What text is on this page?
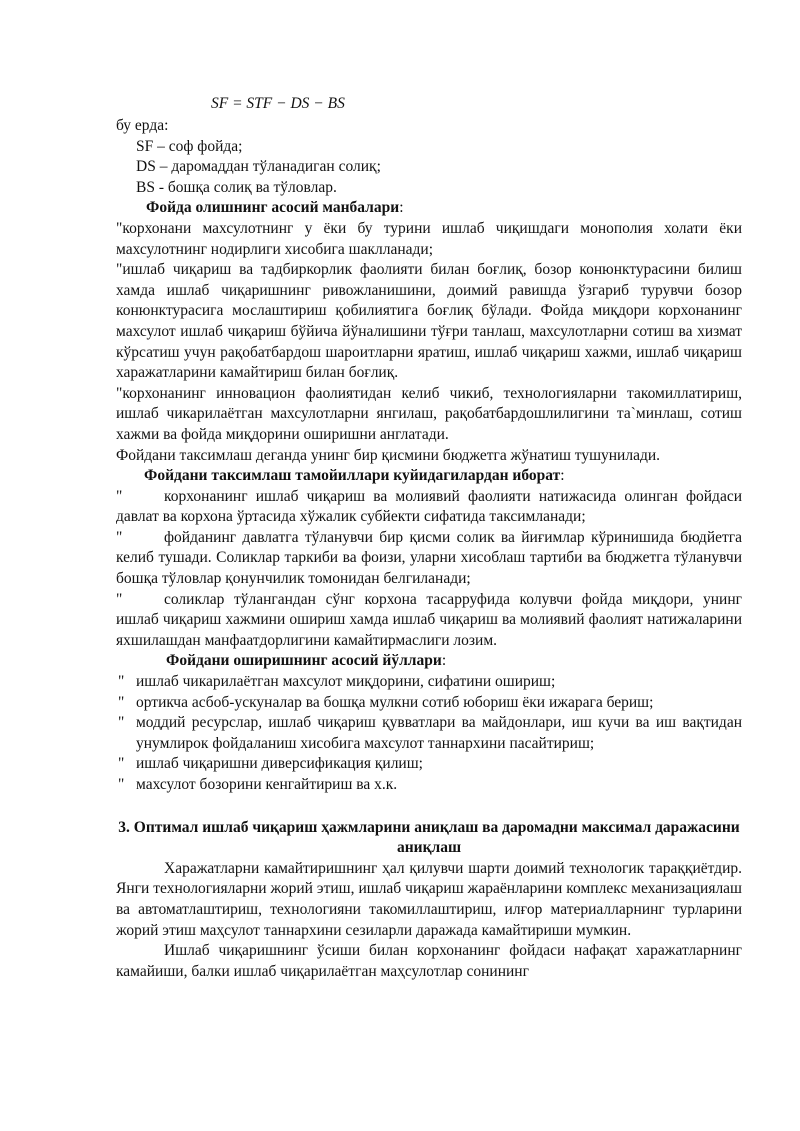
SF = STF − DS − BS

бу ерда:

SF – соф фойда;

DS – даромаддан тўланадиган солиқ;

BS - бошқа солиқ ва тўловлар.

Фойда олишнинг асосий манбалари:

"корхонани махсулотнинг у ёки бу турини ишлаб чиқишдаги монополия холати ёки махсулотнинг нодирлиги хисобига шаклланади;

"ишлаб чиқариш ва тадбиркорлик фаолияти билан боғлиқ, бозор конюнктурасини билиш хамда ишлаб чиқаришнинг ривожланишини, доимий равишда ўзгариб турувчи бозор конюнктурасига мослаштириш қобилиятига боғлиқ бўлади. Фойда миқдори корхонанинг махсулот ишлаб чиқариш бўйича йўналишини тўғри танлаш, махсулотларни сотиш ва хизмат кўрсатиш учун рақобатбардош шароитларни яратиш, ишлаб чиқариш хажми, ишлаб чиқариш харажатларини камайтириш билан боғлиқ.

"корхонанинг инновацион фаолиятидан келиб чикиб, технологияларни такомиллатириш, ишлаб чикарилаётган махсулотларни янгилаш, рақобатбардошлилигини та`минлаш, сотиш хажми ва фойда миқдорини оширишни англатади.

Фойдани таксимлаш деганда унинг бир қисмини бюджетга жўнатиш тушунилади.

Фойдани таксимлаш тамойиллари куйидагилардан иборат:

"	корхонанинг ишлаб чиқариш ва молиявий фаолияти натижасида олинган фойдаси давлат ва корхона ўртасида хўжалик субйекти сифатида таксимланади;

"	фойданинг давлатга тўланувчи бир қисми солик ва йиғимлар кўринишида бюдйетга келиб тушади. Соликлар таркиби ва фоизи, уларни хисоблаш тартиби ва бюджетга тўланувчи бошқа тўловлар қонунчилик томонидан белгиланади;

"	соликлар тўлангандан сўнг корхона тасарруфида колувчи фойда миқдори, унинг ишлаб чиқариш хажмини ошириш хамда ишлаб чиқариш ва молиявий фаолият натижаларини яхшилашдан манфаатдорлигини камайтирмаслиги лозим.

Фойдани оширишнинг асосий йўллари:

" ишлаб чикарилаётган махсулот миқдорини, сифатини ошириш;
" ортикча асбоб-ускуналар ва бошқа мулкни сотиб юбориш ёки ижарага бериш;
" моддий ресурслар, ишлаб чиқариш қувватлари ва майдонлари, иш кучи ва иш вақтидан унумлирок фойдаланиш хисобига махсулот таннархини пасайтириш;
" ишлаб чиқаришни диверсификация қилиш;
" махсулот бозорини кенгайтириш ва х.к.

3. Оптимал ишлаб чиқариш ҳажмларини аниқлаш ва даромадни максимал даражасини аниқлаш

Харажатларни камайтиришнинг ҳал қилувчи шарти доимий технологик тараққиётдир. Янги технологияларни жорий этиш, ишлаб чиқариш жараёнларини комплекс механизациялаш ва автоматлаштириш, технологияни такомиллаштириш, илғор материалларнинг турларини жорий этиш маҳсулот таннархини сезиларли даражада камайтириши мумкин.

Ишлаб чиқаришнинг ўсиши билан корхонанинг фойдаси нафақат харажатларнинг камайиши, балки ишлаб чиқарилаётган маҳсулотлар сонининг
